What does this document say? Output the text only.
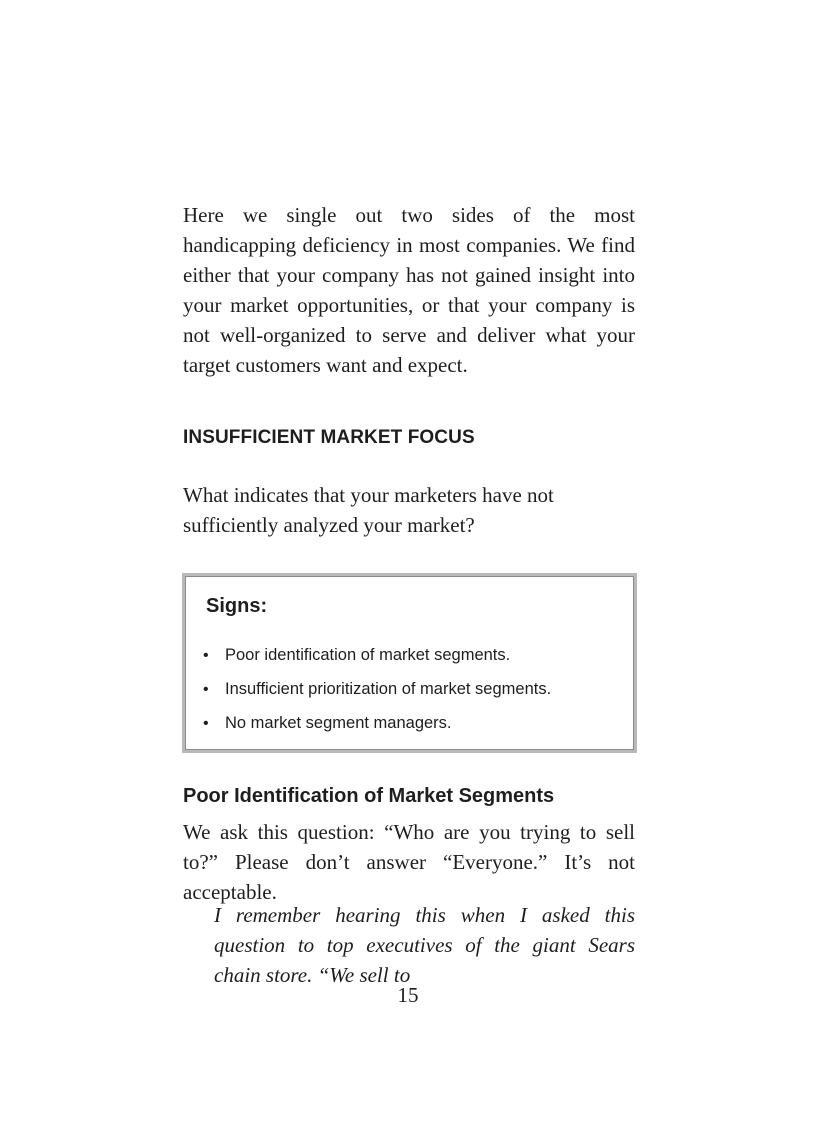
Here we single out two sides of the most handicapping deficiency in most companies. We find either that your company has not gained insight into your market opportunities, or that your company is not well-organized to serve and deliver what your target customers want and expect.

INSUFFICIENT MARKET FOCUS

What indicates that your marketers have not sufficiently analyzed your market?

Signs:
• Poor identification of market segments.
• Insufficient prioritization of market segments.
• No market segment managers.
Poor Identification of Market Segments

We ask this question: “Who are you trying to sell to?” Please don’t answer “Everyone.” It’s not acceptable.

I remember hearing this when I asked this question to top executives of the giant Sears chain store. “We sell to

15
